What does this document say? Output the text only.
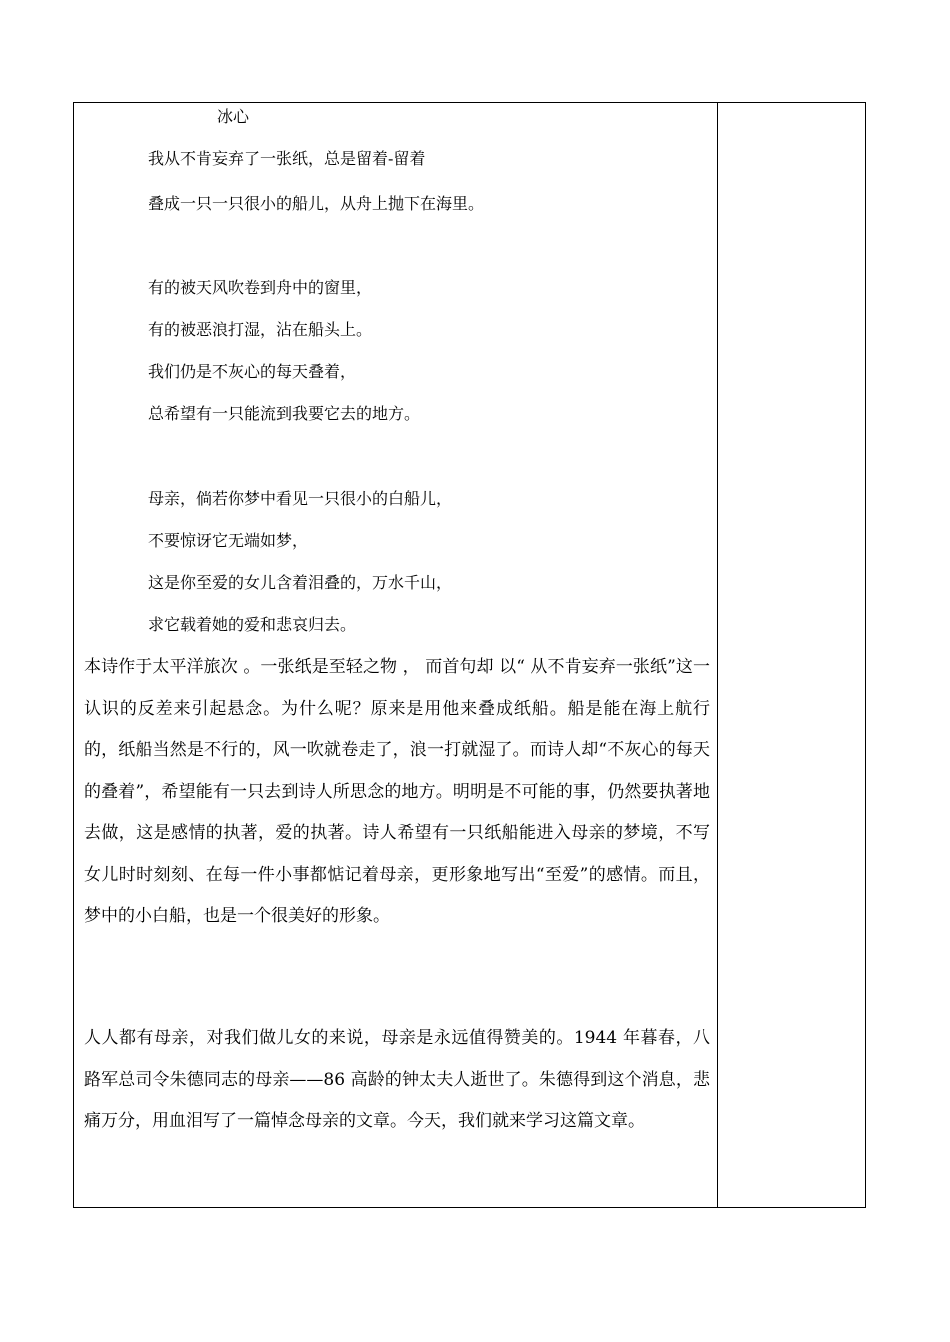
冰心
我从不肯妄弃了一张纸，总是留着-留着
叠成一只一只很小的船儿，从舟上抛下在海里。
有的被天风吹卷到舟中的窗里，
有的被恶浪打湿，沾在船头上。
我们仍是不灰心的每天叠着，
总希望有一只能流到我要它去的地方。
母亲，倘若你梦中看见一只很小的白船儿，
不要惊讶它无端如梦，
这是你至爱的女儿含着泪叠的，万水千山，
求它载着她的爱和悲哀归去。
本诗作于太平洋旅次 。一张纸是至轻之物 ， 而首句却 以“ 从不肯妄弃一张纸”这一认识的反差来引起悬念。为什么呢？原来是用他来叠成纸船。船是能在海上航行的，纸船当然是不行的，风一吹就卷走了，浪一打就湿了。而诗人却“不灰心的每天的叠着”，希望能有一只去到诗人所思念的地方。明明是不可能的事，仍然要执著地去做，这是感情的执著，爱的执著。诗人希望有一只纸船能进入母亲的梦境，不写女儿时时刻刻、在每一件小事都惦记着母亲，更形象地写出“至爱”的感情。而且，梦中的小白船，也是一个很美好的形象。
人人都有母亲，对我们做儿女的来说，母亲是永远值得赞美的。1944 年暮春，八路军总司令朱德同志的母亲——86 高龄的钟太夫人逝世了。朱德得到这个消息，悲痛万分，用血泪写了一篇悼念母亲的文章。今天，我们就来学习这篇文章。
